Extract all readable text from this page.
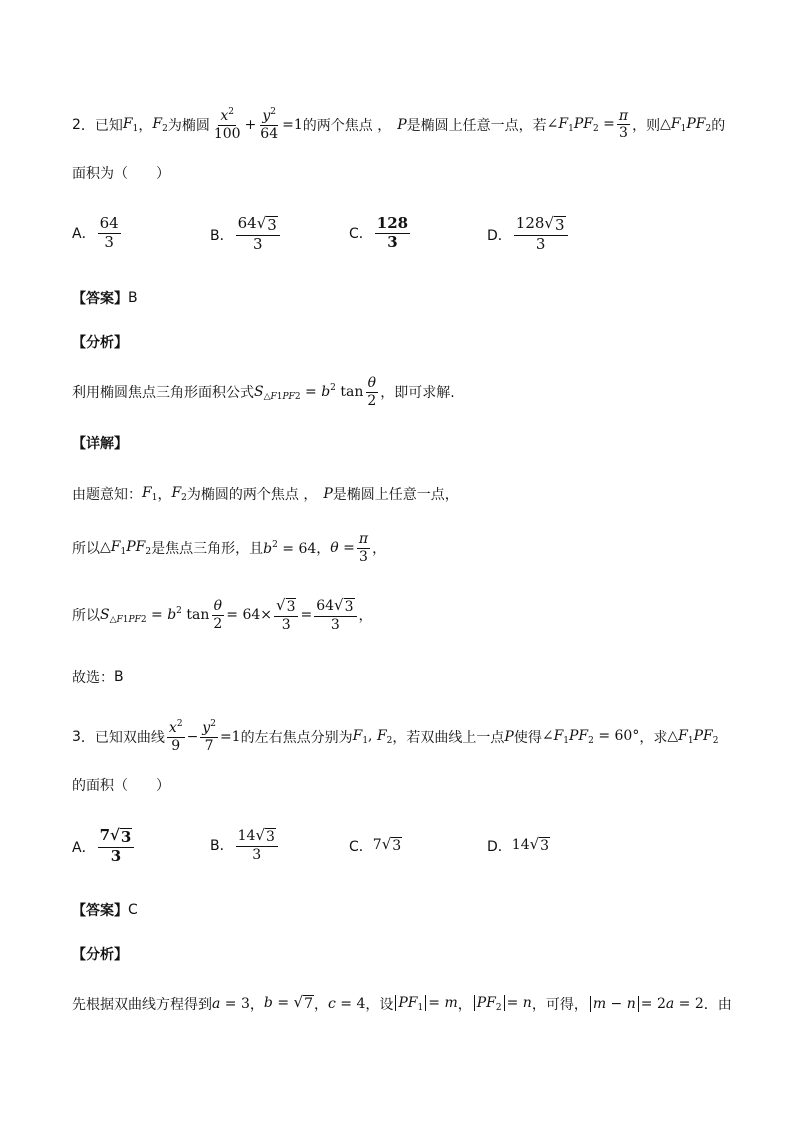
2 ．已知 $F_1$ ， $F_2$ 为椭圆 $\frac{x^2}{100} + \frac{y^2}{64} =1$ 的两个焦点 ， P 是椭圆上任意一点，若 $\angle F_1PF_2 = \frac{\pi}{3}$ ，则 $\triangle F_1PF_2$ 的
面积为（　　）
A． $\frac{64}{3}$	B． $\frac{64 √ 3}{3}$	C． $\frac{128}{3}$	D． $\frac{128 √ 3}{3}$
【答案】 B
【分析】
利用椭圆焦点三角形面积公式 $S_{\triangle F1PF2} = b^2$ $\tan \frac{\theta}{2}$ ，即可求解.
【详解】
由题意知： $F_1$ ， $F_2$ 为椭圆的两个焦点 ， P 是椭圆上任意一点，
所以 $\triangle F_1PF_2$ 是焦点三角形，且 $b^2 = 64$ ， $\theta = \frac{\pi}{3}$ ，
所以 $S_{\triangle F1PF2} = b^2$ $\tan \frac{\theta}{2} = 64\times \frac{√ 3}{3} = \frac{64 √ 3}{3}$ ，
故选： B
3 ．已知双曲线 $\frac{x^2}{9} - \frac{y^2}{7} =1$ 的左右焦点分别为 $F_1$, $F_2$ ，若双曲线上一点 P 使得 $\angle F_1PF_2 = 60^\circ$ ，求 $\triangle F_1PF_2$
的面积（　　）
A． $\frac{7 √ 3}{3}$	B． $\frac{14 √ 3}{3}$	C． 7 √ 3	D． 14 √ 3
【答案】 C
【分析】
先根据双曲线方程得到 a = 3 ， b = √ 7 ， c = 4 ，设 $PF_1 = m$ ， $PF_2 = n$ ，可得， m − n = 2a = 2 ．由
